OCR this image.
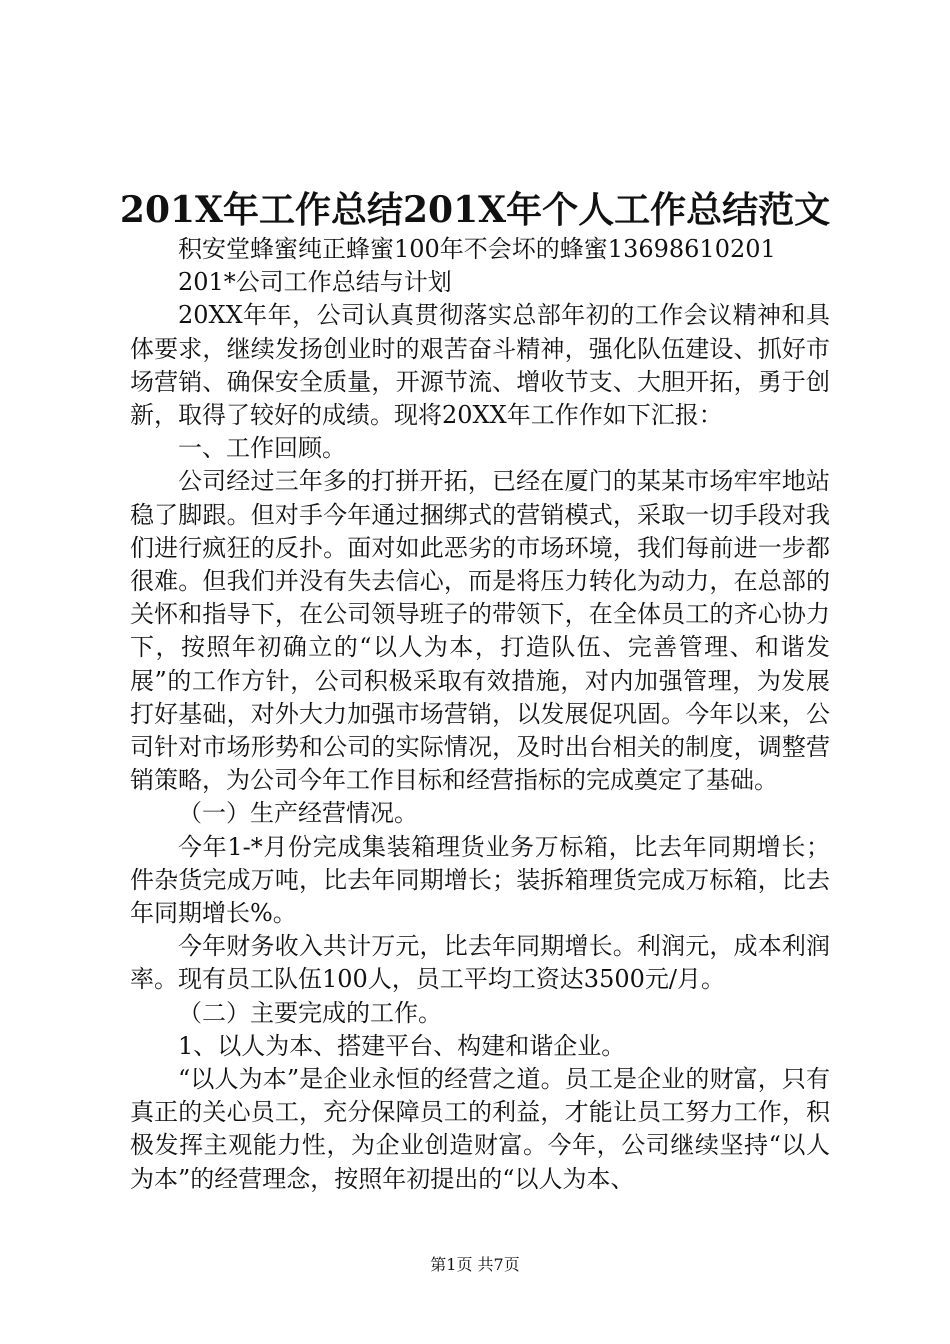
201X年工作总结201X年个人工作总结范文

积安堂蜂蜜纯正蜂蜜100年不会坏的蜂蜜13698610201

201*公司工作总结与计划

20XX年年，公司认真贯彻落实总部年初的工作会议精神和具体要求，继续发扬创业时的艰苦奋斗精神，强化队伍建设、抓好市场营销、确保安全质量，开源节流、增收节支、大胆开拓，勇于创新，取得了较好的成绩。现将20XX年工作作如下汇报：

一、工作回顾。

公司经过三年多的打拼开拓，已经在厦门的某某市场牢牢地站稳了脚跟。但对手今年通过捆绑式的营销模式，采取一切手段对我们进行疯狂的反扑。面对如此恶劣的市场环境，我们每前进一步都很难。但我们并没有失去信心，而是将压力转化为动力，在总部的关怀和指导下，在公司领导班子的带领下，在全体员工的齐心协力下，按照年初确立的“以人为本，打造队伍、完善管理、和谐发展”的工作方针，公司积极采取有效措施，对内加强管理，为发展打好基础，对外大力加强市场营销，以发展促巩固。今年以来，公司针对市场形势和公司的实际情况，及时出台相关的制度，调整营销策略，为公司今年工作目标和经营指标的完成奠定了基础。

（一）生产经营情况。

今年1-*月份完成集装箱理货业务万标箱，比去年同期增长；件杂货完成万吨，比去年同期增长；装拆箱理货完成万标箱，比去年同期增长%。

今年财务收入共计万元，比去年同期增长。利润元，成本利润率。现有员工队伍100人，员工平均工资达3500元/月。

（二）主要完成的工作。

1、以人为本、搭建平台、构建和谐企业。

“以人为本”是企业永恒的经营之道。员工是企业的财富，只有真正的关心员工，充分保障员工的利益，才能让员工努力工作，积极发挥主观能力性，为企业创造财富。今年，公司继续坚持“以人为本”的经营理念，按照年初提出的“以人为本、

第1页 共7页
